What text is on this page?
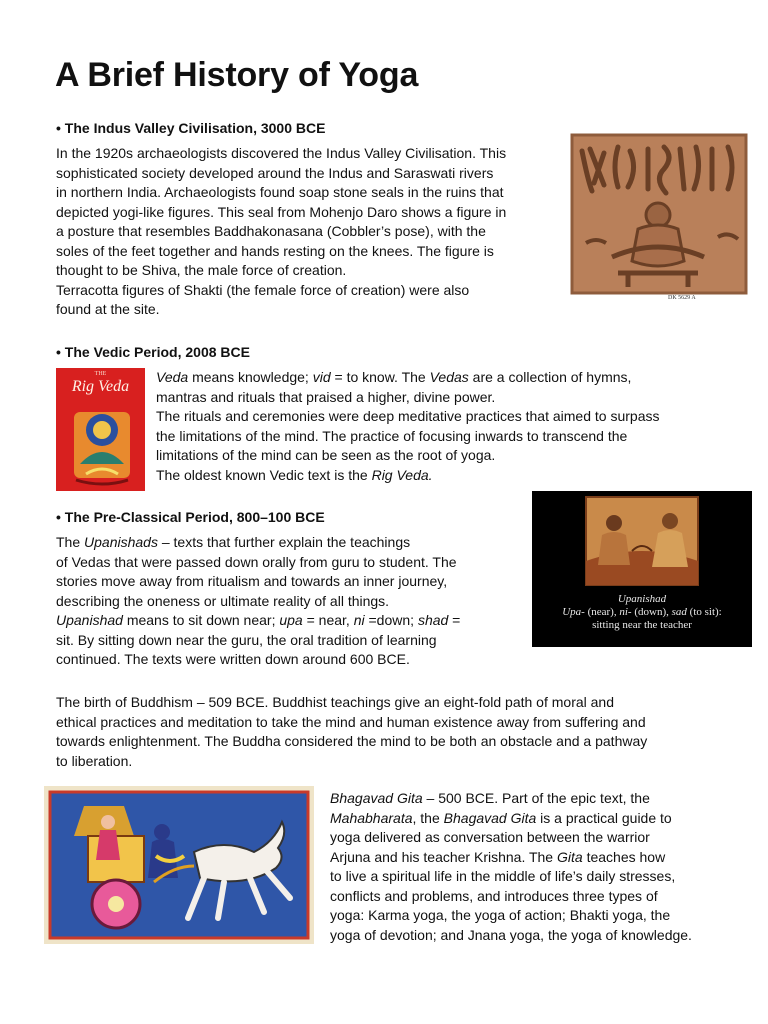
A Brief History of Yoga
• The Indus Valley Civilisation, 3000 BCE

In the 1920s archaeologists discovered the Indus Valley Civilisation. This

sophisticated society developed around the Indus and Saraswati rivers

in northern India. Archaeologists found soap stone seals in the ruins that

depicted yogi-like figures. This seal from Mohenjo Daro shows a figure in

a posture that resembles Baddhakonasana (Cobbler’s pose), with the

soles of the feet together and hands resting on the knees. The figure is

thought to be Shiva, the male force of creation.

Terracotta figures of Shakti (the female force of creation) were also

found at the site.

DK 5629 A
• The Vedic Period, 2008 BCE
THE
Rig Veda

Veda means knowledge; vid = to know. The Vedas are a collection of hymns,

mantras and rituals that praised a higher, divine power.

The rituals and ceremonies were deep meditative practices that aimed to surpass

the limitations of the mind. The practice of focusing inwards to transcend the

limitations of the mind can be seen as the root of yoga.

The oldest known Vedic text is the Rig Veda.

• The Pre-Classical Period, 800–100 BCE

The Upanishads – texts that further explain the teachings

of Vedas that were passed down orally from guru to student. The

stories move away from ritualism and towards an inner journey,

describing the oneness or ultimate reality of all things.

Upanishad means to sit down near; upa = near, ni =down; shad =

sit. By sitting down near the guru, the oral tradition of learning

continued. The texts were written down around 600 BCE.

Upanishad
Upa- (near), ni- (down), sad (to sit):
sitting near the teacher

The birth of Buddhism – 509 BCE. Buddhist teachings give an eight-fold path of moral and

ethical practices and meditation to take the mind and human existence away from suffering and

towards enlightenment. The Buddha considered the mind to be both an obstacle and a pathway

to liberation.

Bhagavad Gita – 500 BCE. Part of the epic text, the

Mahabharata, the Bhagavad Gita is a practical guide to

yoga delivered as conversation between the warrior

Arjuna and his teacher Krishna. The Gita teaches how

to live a spiritual life in the middle of life’s daily stresses,

conflicts and problems, and introduces three types of

yoga: Karma yoga, the yoga of action; Bhakti yoga, the

yoga of devotion; and Jnana yoga, the yoga of knowledge.
